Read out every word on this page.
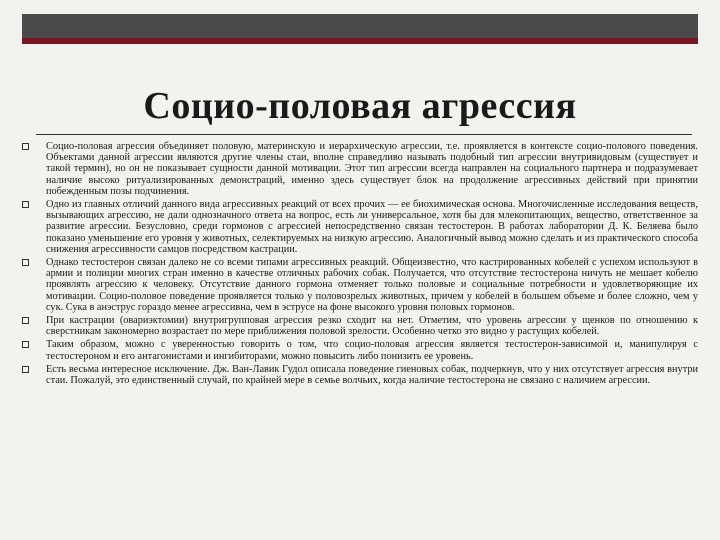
Социо-половая агрессия
Социо-половая агрессия объединяет половую, материнскую и иерархическую агрессии, т.е. проявляется в контексте социо-полового поведения. Объектами данной агрессии являются другие члены стаи, вполне справедливо называть подобный тип агрессии внутривидовым (существует и такой термин), но он не показывает сущности данной мотивации. Этот тип агрессии всегда направлен на социального партнера и подразумевает наличие высоко ритуализированных демонстраций, именно здесь существует блок на продолжение агрессивных действий при принятии побежденным позы подчинения.
Одно из главных отличий данного вида агрессивных реакций от всех прочих — ее биохимическая основа. Многочисленные исследования веществ, вызывающих агрессию, не дали однозначного ответа на вопрос, есть ли универсальное, хотя бы для млекопитающих, вещество, ответственное за развитие агрессии. Безусловно, среди гормонов с агрессией непосредственно связан тестостерон. В работах лаборатории Д. К. Беляева было показано уменьшение его уровня у животных, селектируемых на низкую агрессию. Аналогичный вывод можно сделать и из практического способа снижения агрессивности самцов посредством кастрации.
Однако тестостерон связан далеко не со всеми типами агрессивных реакций. Общеизвестно, что кастрированных кобелей с успехом используют в армии и полиции многих стран именно в качестве отличных рабочих собак. Получается, что отсутствие тестостерона ничуть не мешает кобелю проявлять агрессию к человеку. Отсутствие данного гормона отменяет только половые и социальные потребности и удовлетворяющие их мотивации. Социо-половое поведение проявляется только у половозрелых животных, причем у кобелей в большем объеме и более сложно, чем у сук. Сука в анэструс гораздо менее агрессивна, чем в эструсе на фоне высокого уровня половых гормонов.
При кастрации (овариэктомии) внутригрупповая агрессия резко сходит на нет. Отметим, что уровень агрессии у щенков по отношению к сверстникам закономерно возрастает по мере приближения половой зрелости. Особенно четко это видно у растущих кобелей.
Таким образом, можно с уверенностью говорить о том, что социо-половая агрессия является тестостерон-зависимой и, манипулируя с тестостероном и его антагонистами и ингибиторами, можно повысить либо понизить ее уровень.
Есть весьма интересное исключение. Дж. Ван-Лавик Гудол описала поведение гиеновых собак, подчеркнув, что у них отсутствует агрессия внутри стаи. Пожалуй, это единственный случай, по крайней мере в семье волчьих, когда наличие тестостерона не связано с наличием агрессии.
